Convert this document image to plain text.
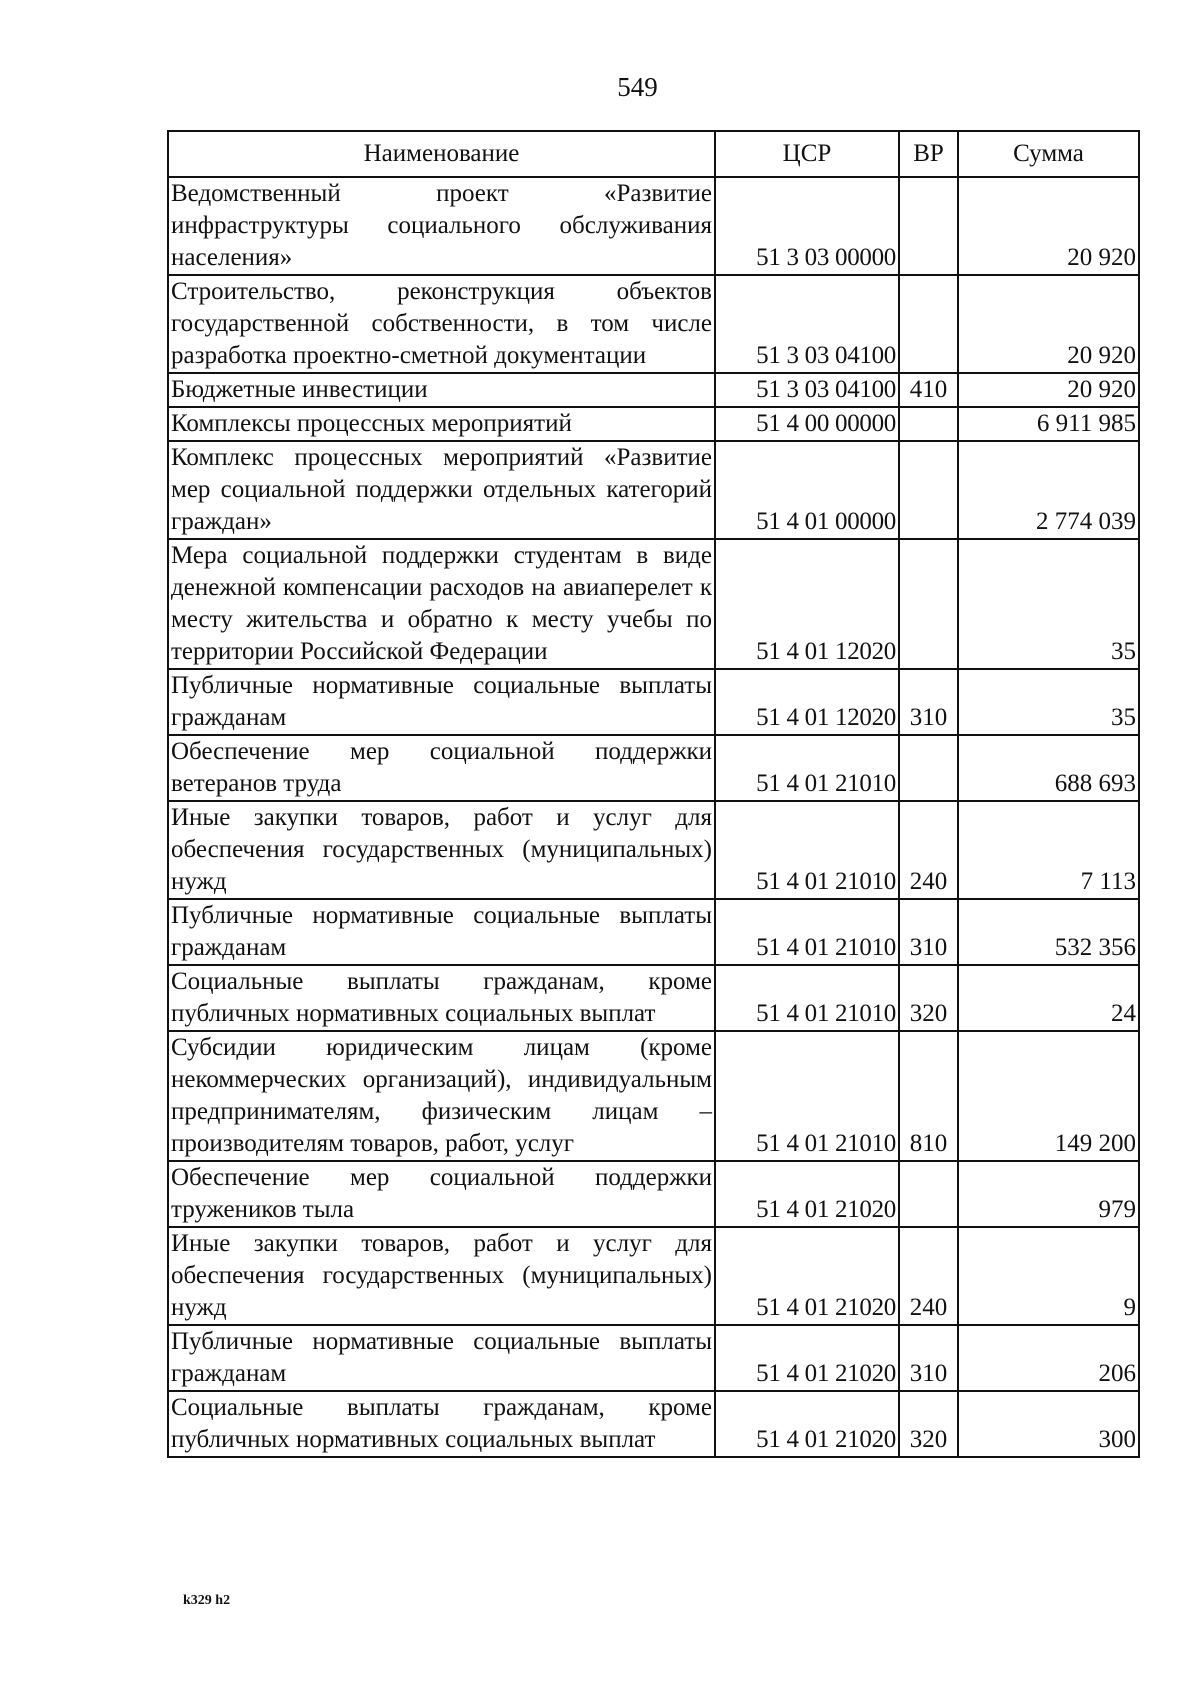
549
Наименование	ЦСР	ВР	Сумма
Ведомственный проект «Развитие инфраструктуры социального обслуживания населения»	51 3 03 00000		20 920
Строительство, реконструкция объектов государственной собственности, в том числе разработка проектно-сметной документации	51 3 03 04100		20 920
Бюджетные инвестиции	51 3 03 04100	410	20 920
Комплексы процессных мероприятий	51 4 00 00000		6 911 985
Комплекс процессных мероприятий «Развитие мер социальной поддержки отдельных категорий граждан»	51 4 01 00000		2 774 039
Мера социальной поддержки студентам в виде денежной компенсации расходов на авиаперелет к месту жительства и обратно к месту учебы по территории Российской Федерации	51 4 01 12020		35
Публичные нормативные социальные выплаты гражданам	51 4 01 12020	310	35
Обеспечение мер социальной поддержки ветеранов труда	51 4 01 21010		688 693
Иные закупки товаров, работ и услуг для обеспечения государственных (муниципальных) нужд	51 4 01 21010	240	7 113
Публичные нормативные социальные выплаты гражданам	51 4 01 21010	310	532 356
Социальные выплаты гражданам, кроме публичных нормативных социальных выплат	51 4 01 21010	320	24
Субсидии юридическим лицам (кроме некоммерческих организаций), индивидуальным предпринимателям, физическим лицам – производителям товаров, работ, услуг	51 4 01 21010	810	149 200
Обеспечение мер социальной поддержки тружеников тыла	51 4 01 21020		979
Иные закупки товаров, работ и услуг для обеспечения государственных (муниципальных) нужд	51 4 01 21020	240	9
Публичные нормативные социальные выплаты гражданам	51 4 01 21020	310	206
Социальные выплаты гражданам, кроме публичных нормативных социальных выплат	51 4 01 21020	320	300
k329 h2
